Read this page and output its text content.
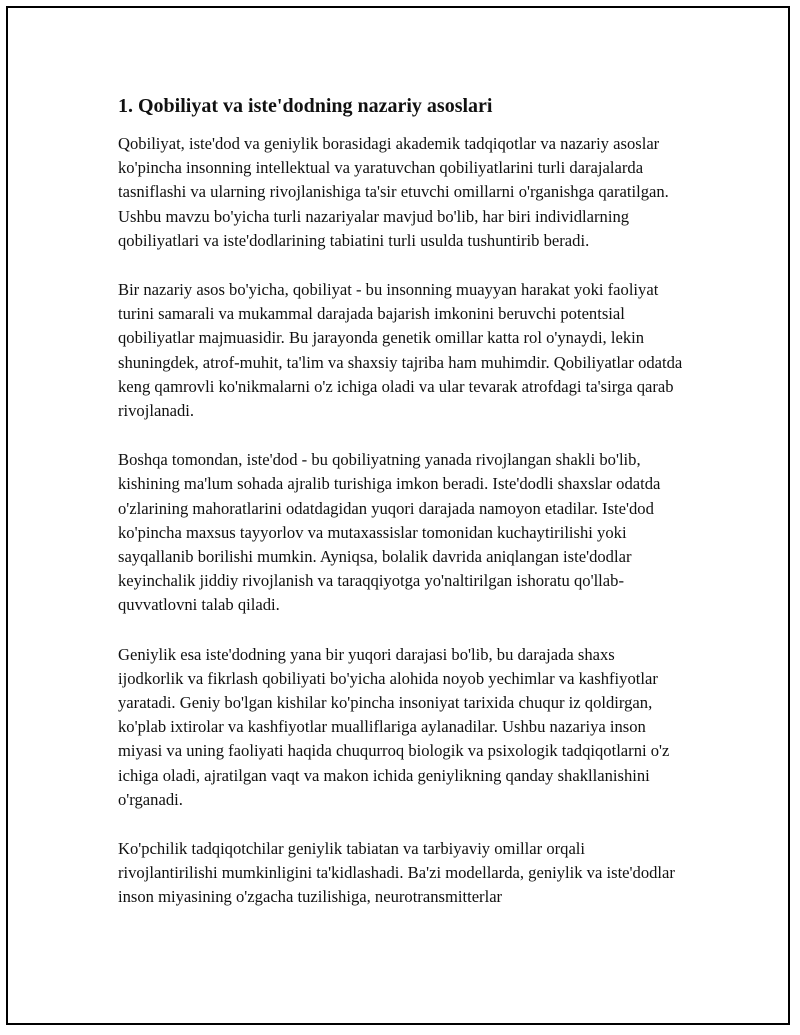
1. Qobiliyat va iste'dodning nazariy asoslari

Qobiliyat, iste'dod va geniylik borasidagi akademik tadqiqotlar va nazariy asoslar ko'pincha insonning intellektual va yaratuvchan qobiliyatlarini turli darajalarda tasniflashi va ularning rivojlanishiga ta'sir etuvchi omillarni o'rganishga qaratilgan. Ushbu mavzu bo'yicha turli nazariyalar mavjud bo'lib, har biri individlarning qobiliyatlari va iste'dodlarining tabiatini turli usulda tushuntirib beradi.

Bir nazariy asos bo'yicha, qobiliyat - bu insonning muayyan harakat yoki faoliyat turini samarali va mukammal darajada bajarish imkonini beruvchi potentsial qobiliyatlar majmuasidir. Bu jarayonda genetik omillar katta rol o'ynaydi, lekin shuningdek, atrof-muhit, ta'lim va shaxsiy tajriba ham muhimdir. Qobiliyatlar odatda keng qamrovli ko'nikmalarni o'z ichiga oladi va ular tevarak atrofdagi ta'sirga qarab rivojlanadi.

Boshqa tomondan, iste'dod - bu qobiliyatning yanada rivojlangan shakli bo'lib, kishining ma'lum sohada ajralib turishiga imkon beradi. Iste'dodli shaxslar odatda o'zlarining mahoratlarini odatdagidan yuqori darajada namoyon etadilar. Iste'dod ko'pincha maxsus tayyorlov va mutaxassislar tomonidan kuchaytirilishi yoki sayqallanib borilishi mumkin. Ayniqsa, bolalik davrida aniqlangan iste'dodlar keyinchalik jiddiy rivojlanish va taraqqiyotga yo'naltirilgan ishoratu qo'llab-quvvatlovni talab qiladi.

Geniylik esa iste'dodning yana bir yuqori darajasi bo'lib, bu darajada shaxs ijodkorlik va fikrlash qobiliyati bo'yicha alohida noyob yechimlar va kashfiyotlar yaratadi. Geniy bo'lgan kishilar ko'pincha insoniyat tarixida chuqur iz qoldirgan, ko'plab ixtirolar va kashfiyotlar mualliflariga aylanadilar. Ushbu nazariya inson miyasi va uning faoliyati haqida chuqurroq biologik va psixologik tadqiqotlarni o'z ichiga oladi, ajratilgan vaqt va makon ichida geniylikning qanday shakllanishini o'rganadi.

Ko'pchilik tadqiqotchilar geniylik tabiatan va tarbiyaviy omillar orqali rivojlantirilishi mumkinligini ta'kidlashadi. Ba'zi modellarda, geniylik va iste'dodlar inson miyasining o'zgacha tuzilishiga, neurotransmitterlar
